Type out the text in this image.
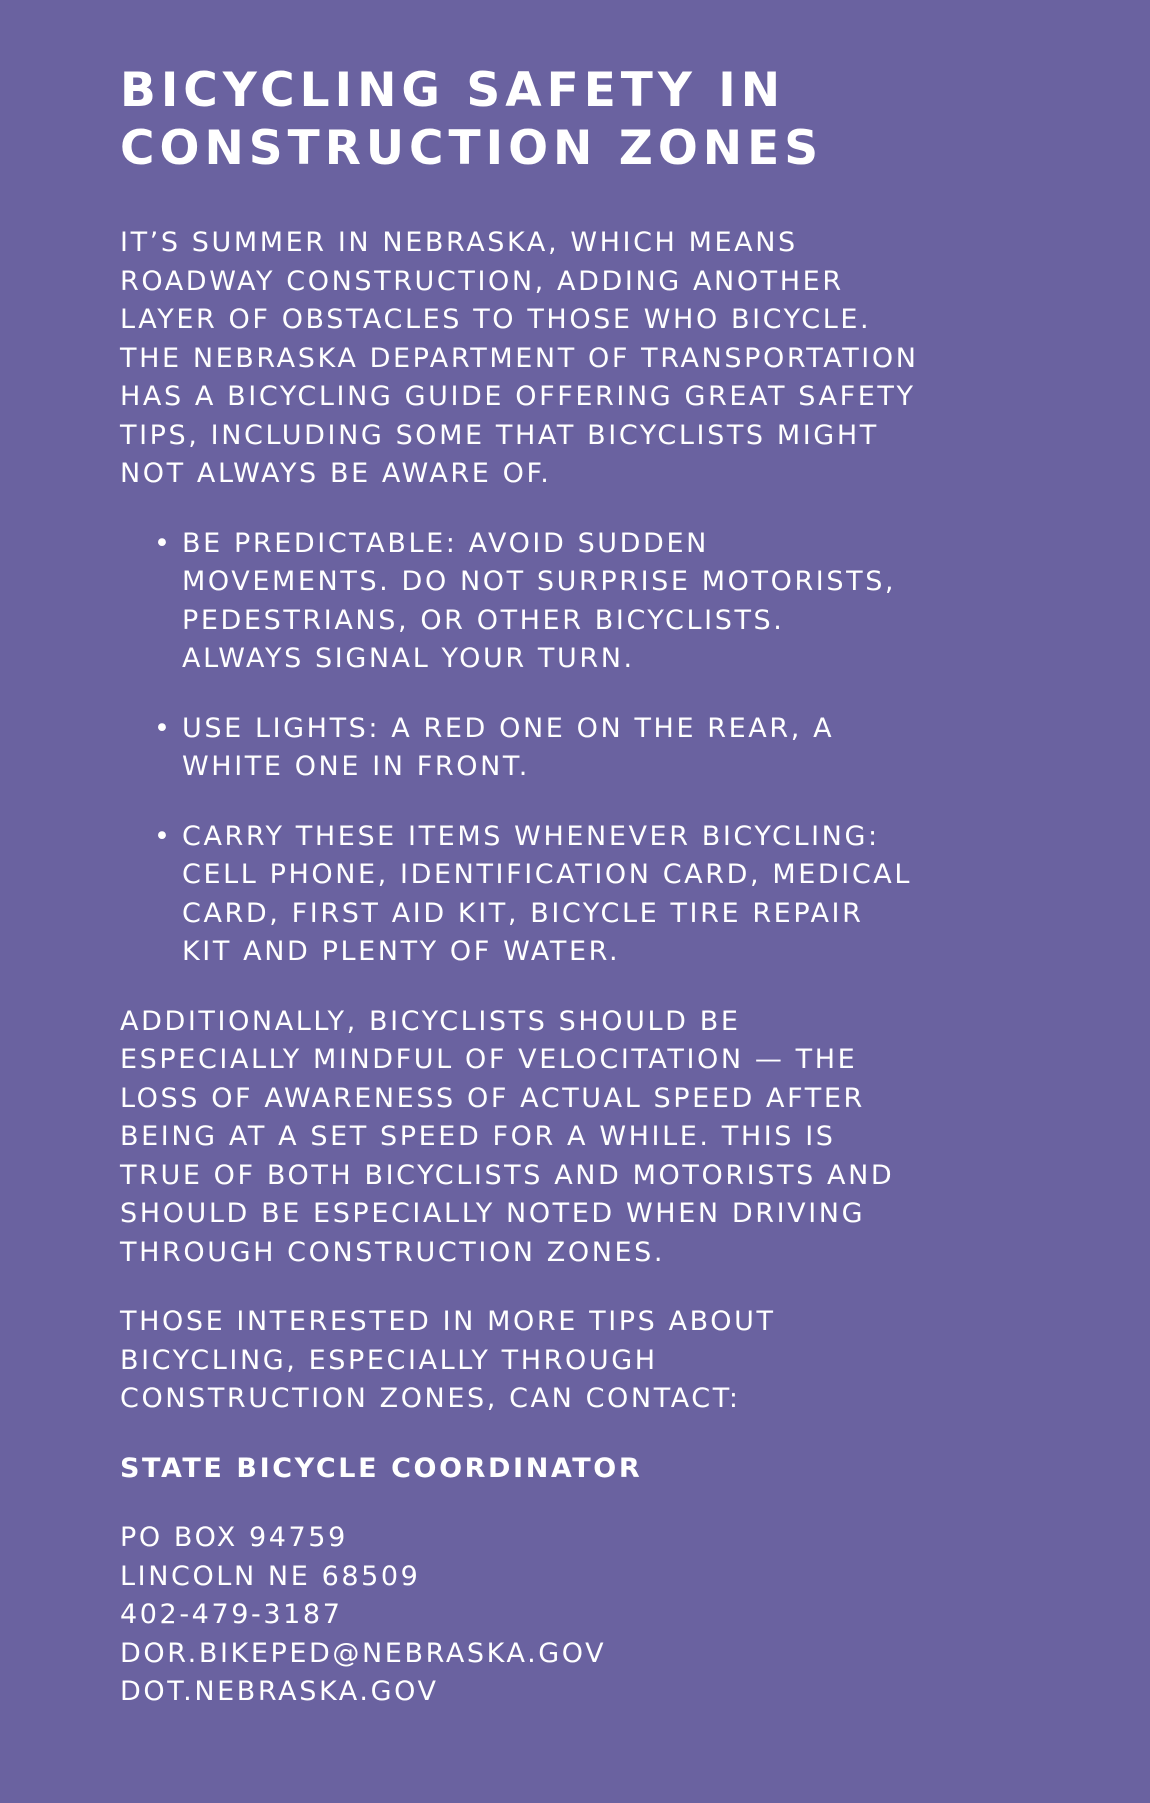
BICYCLING SAFETY IN
CONSTRUCTION ZONES

IT’S SUMMER IN NEBRASKA, WHICH MEANS
ROADWAY CONSTRUCTION, ADDING ANOTHER
LAYER OF OBSTACLES TO THOSE WHO BICYCLE.
THE NEBRASKA DEPARTMENT OF TRANSPORTATION
HAS A BICYCLING GUIDE OFFERING GREAT SAFETY
TIPS, INCLUDING SOME THAT BICYCLISTS MIGHT
NOT ALWAYS BE AWARE OF.

• BE PREDICTABLE: AVOID SUDDEN
MOVEMENTS. DO NOT SURPRISE MOTORISTS,
PEDESTRIANS, OR OTHER BICYCLISTS.
ALWAYS SIGNAL YOUR TURN.

• USE LIGHTS: A RED ONE ON THE REAR, A
WHITE ONE IN FRONT.

• CARRY THESE ITEMS WHENEVER BICYCLING:
CELL PHONE, IDENTIFICATION CARD, MEDICAL
CARD, FIRST AID KIT, BICYCLE TIRE REPAIR
KIT AND PLENTY OF WATER.

ADDITIONALLY, BICYCLISTS SHOULD BE
ESPECIALLY MINDFUL OF VELOCITATION — THE
LOSS OF AWARENESS OF ACTUAL SPEED AFTER
BEING AT A SET SPEED FOR A WHILE. THIS IS
TRUE OF BOTH BICYCLISTS AND MOTORISTS AND
SHOULD BE ESPECIALLY NOTED WHEN DRIVING
THROUGH CONSTRUCTION ZONES.

THOSE INTERESTED IN MORE TIPS ABOUT
BICYCLING, ESPECIALLY THROUGH
CONSTRUCTION ZONES, CAN CONTACT:

STATE BICYCLE COORDINATOR

PO BOX 94759
LINCOLN NE 68509
402-479-3187
DOR.BIKEPED@NEBRASKA.GOV
DOT.NEBRASKA.GOV
